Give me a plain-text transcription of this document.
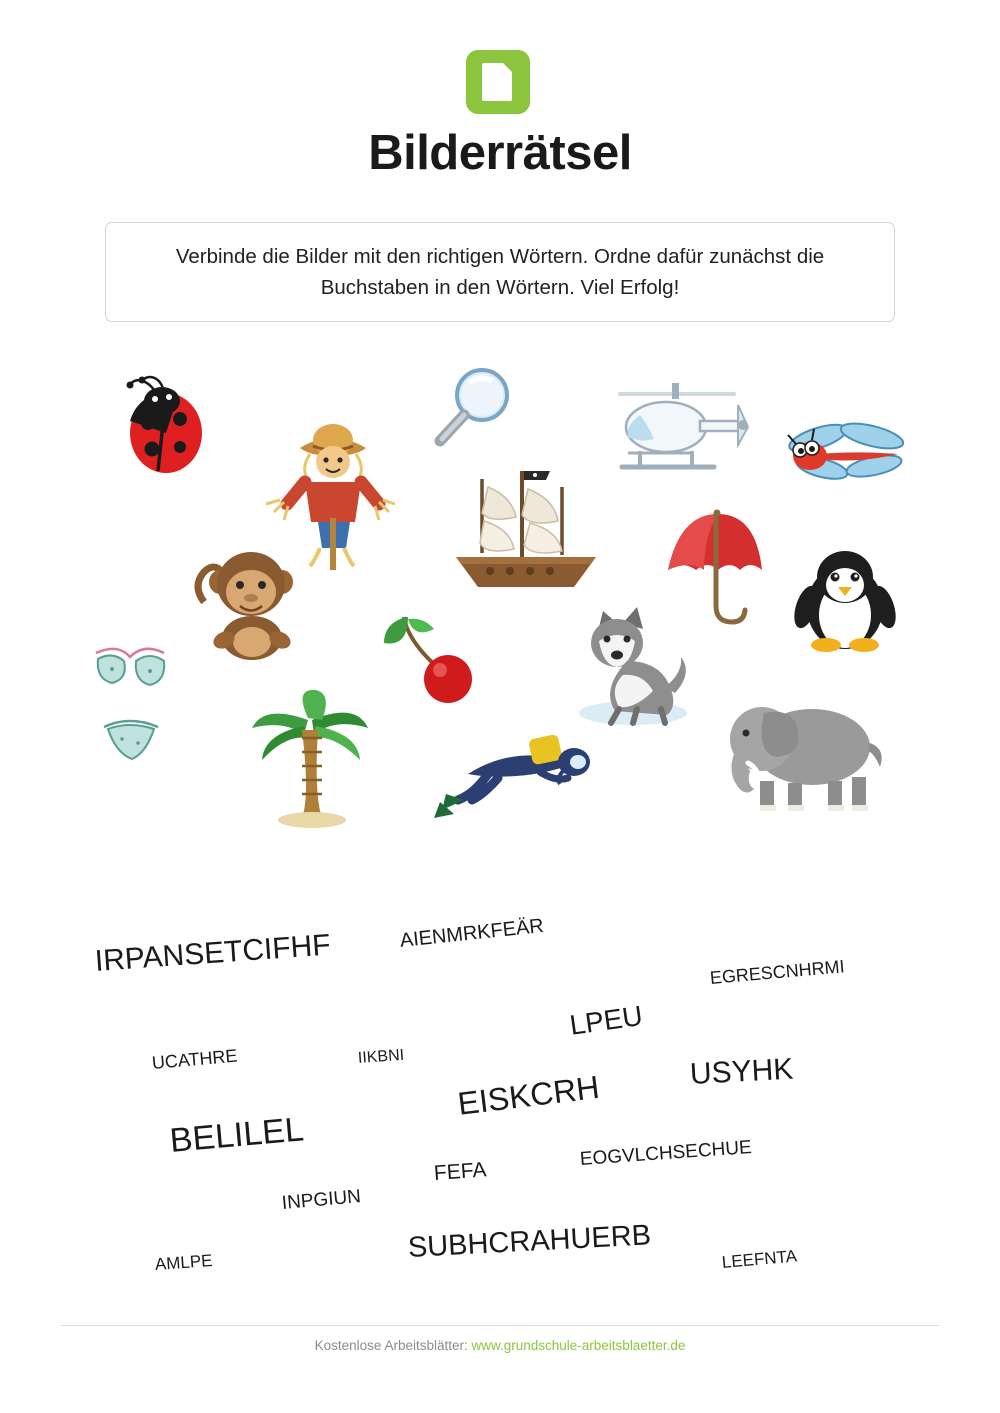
Bilderrätsel
Verbinde die Bilder mit den richtigen Wörtern. Ordne dafür zunächst die Buchstaben in den Wörtern. Viel Erfolg!
IRPANSETCIFHF	AIENMRKFEÄR
EGRESCNHRMI
LPEU
UCATHRE	IIKBNI	USYHK
EISKCRH
BELILEL
FEFA
EOGVLCHSECHUE
INPGIUN
SUBHCRAHUERB
AMLPE	LEEFNTA
Kostenlose Arbeitsblätter: www.grundschule-arbeitsblaetter.de
